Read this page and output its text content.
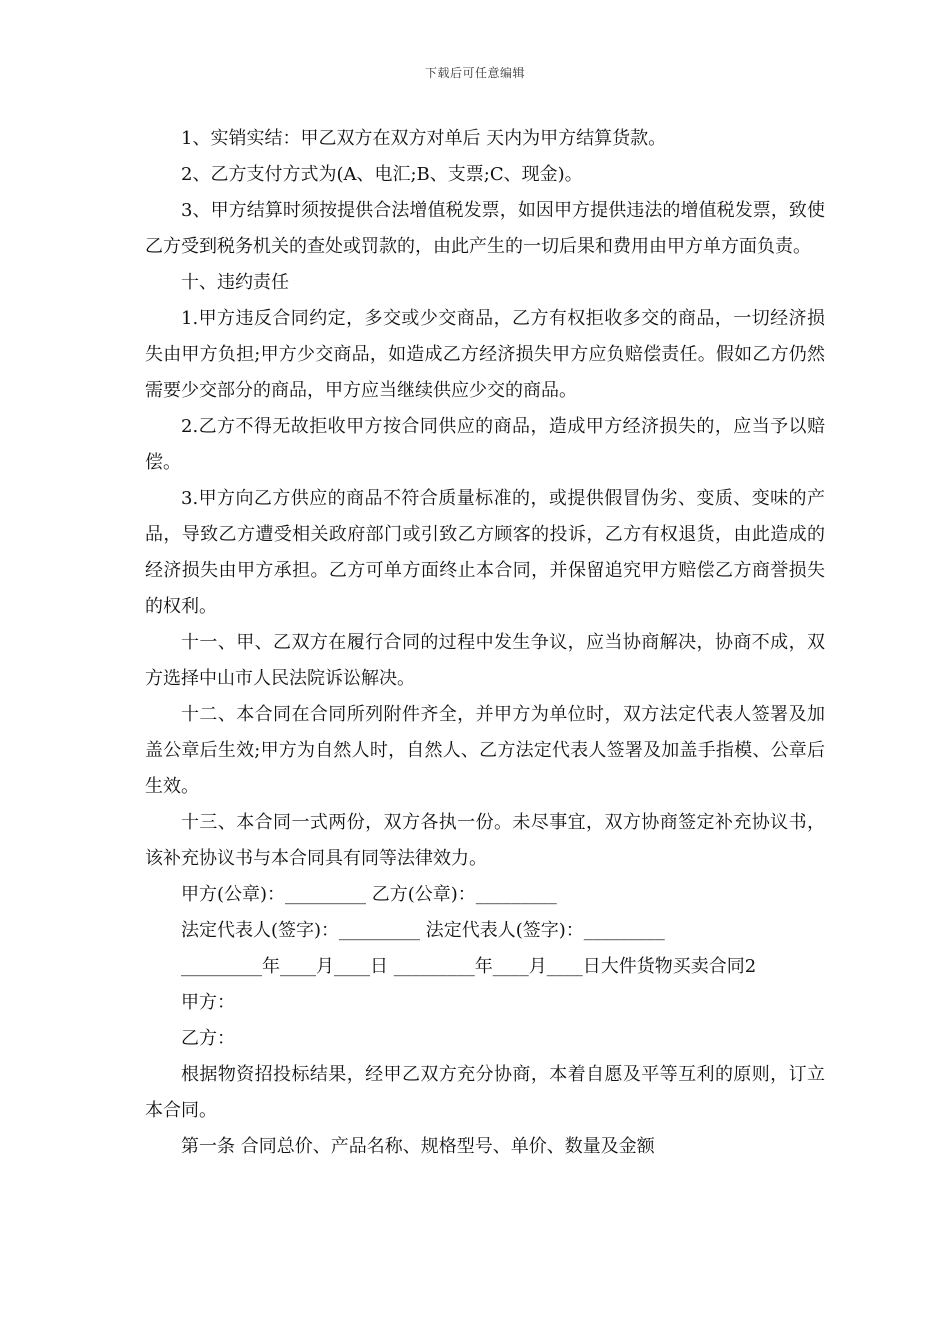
下载后可任意编辑

1、实销实结：甲乙双方在双方对单后 天内为甲方结算货款。

2、乙方支付方式为(A、电汇;B、支票;C、现金)。

3、甲方结算时须按提供合法增值税发票，如因甲方提供违法的增值税发票，致使乙方受到税务机关的查处或罚款的，由此产生的一切后果和费用由甲方单方面负责。

十、违约责任

1.甲方违反合同约定，多交或少交商品，乙方有权拒收多交的商品，一切经济损失由甲方负担;甲方少交商品，如造成乙方经济损失甲方应负赔偿责任。假如乙方仍然需要少交部分的商品，甲方应当继续供应少交的商品。

2.乙方不得无故拒收甲方按合同供应的商品，造成甲方经济损失的，应当予以赔偿。

3.甲方向乙方供应的商品不符合质量标准的，或提供假冒伪劣、变质、变味的产品，导致乙方遭受相关政府部门或引致乙方顾客的投诉，乙方有权退货，由此造成的经济损失由甲方承担。乙方可单方面终止本合同，并保留追究甲方赔偿乙方商誉损失的权利。

十一、甲、乙双方在履行合同的过程中发生争议，应当协商解决，协商不成，双方选择中山市人民法院诉讼解决。

十二、本合同在合同所列附件齐全，并甲方为单位时，双方法定代表人签署及加盖公章后生效;甲方为自然人时，自然人、乙方法定代表人签署及加盖手指模、公章后生效。

十三、本合同一式两份，双方各执一份。未尽事宜，双方协商签定补充协议书，该补充协议书与本合同具有同等法律效力。

甲方(公章)：_________ 乙方(公章)：_________

法定代表人(签字)：_________ 法定代表人(签字)：_________

_________年____月____日 _________年____月____日大件货物买卖合同2

甲方：

乙方：

根据物资招投标结果，经甲乙双方充分协商，本着自愿及平等互利的原则，订立本合同。

第一条 合同总价、产品名称、规格型号、单价、数量及金额
